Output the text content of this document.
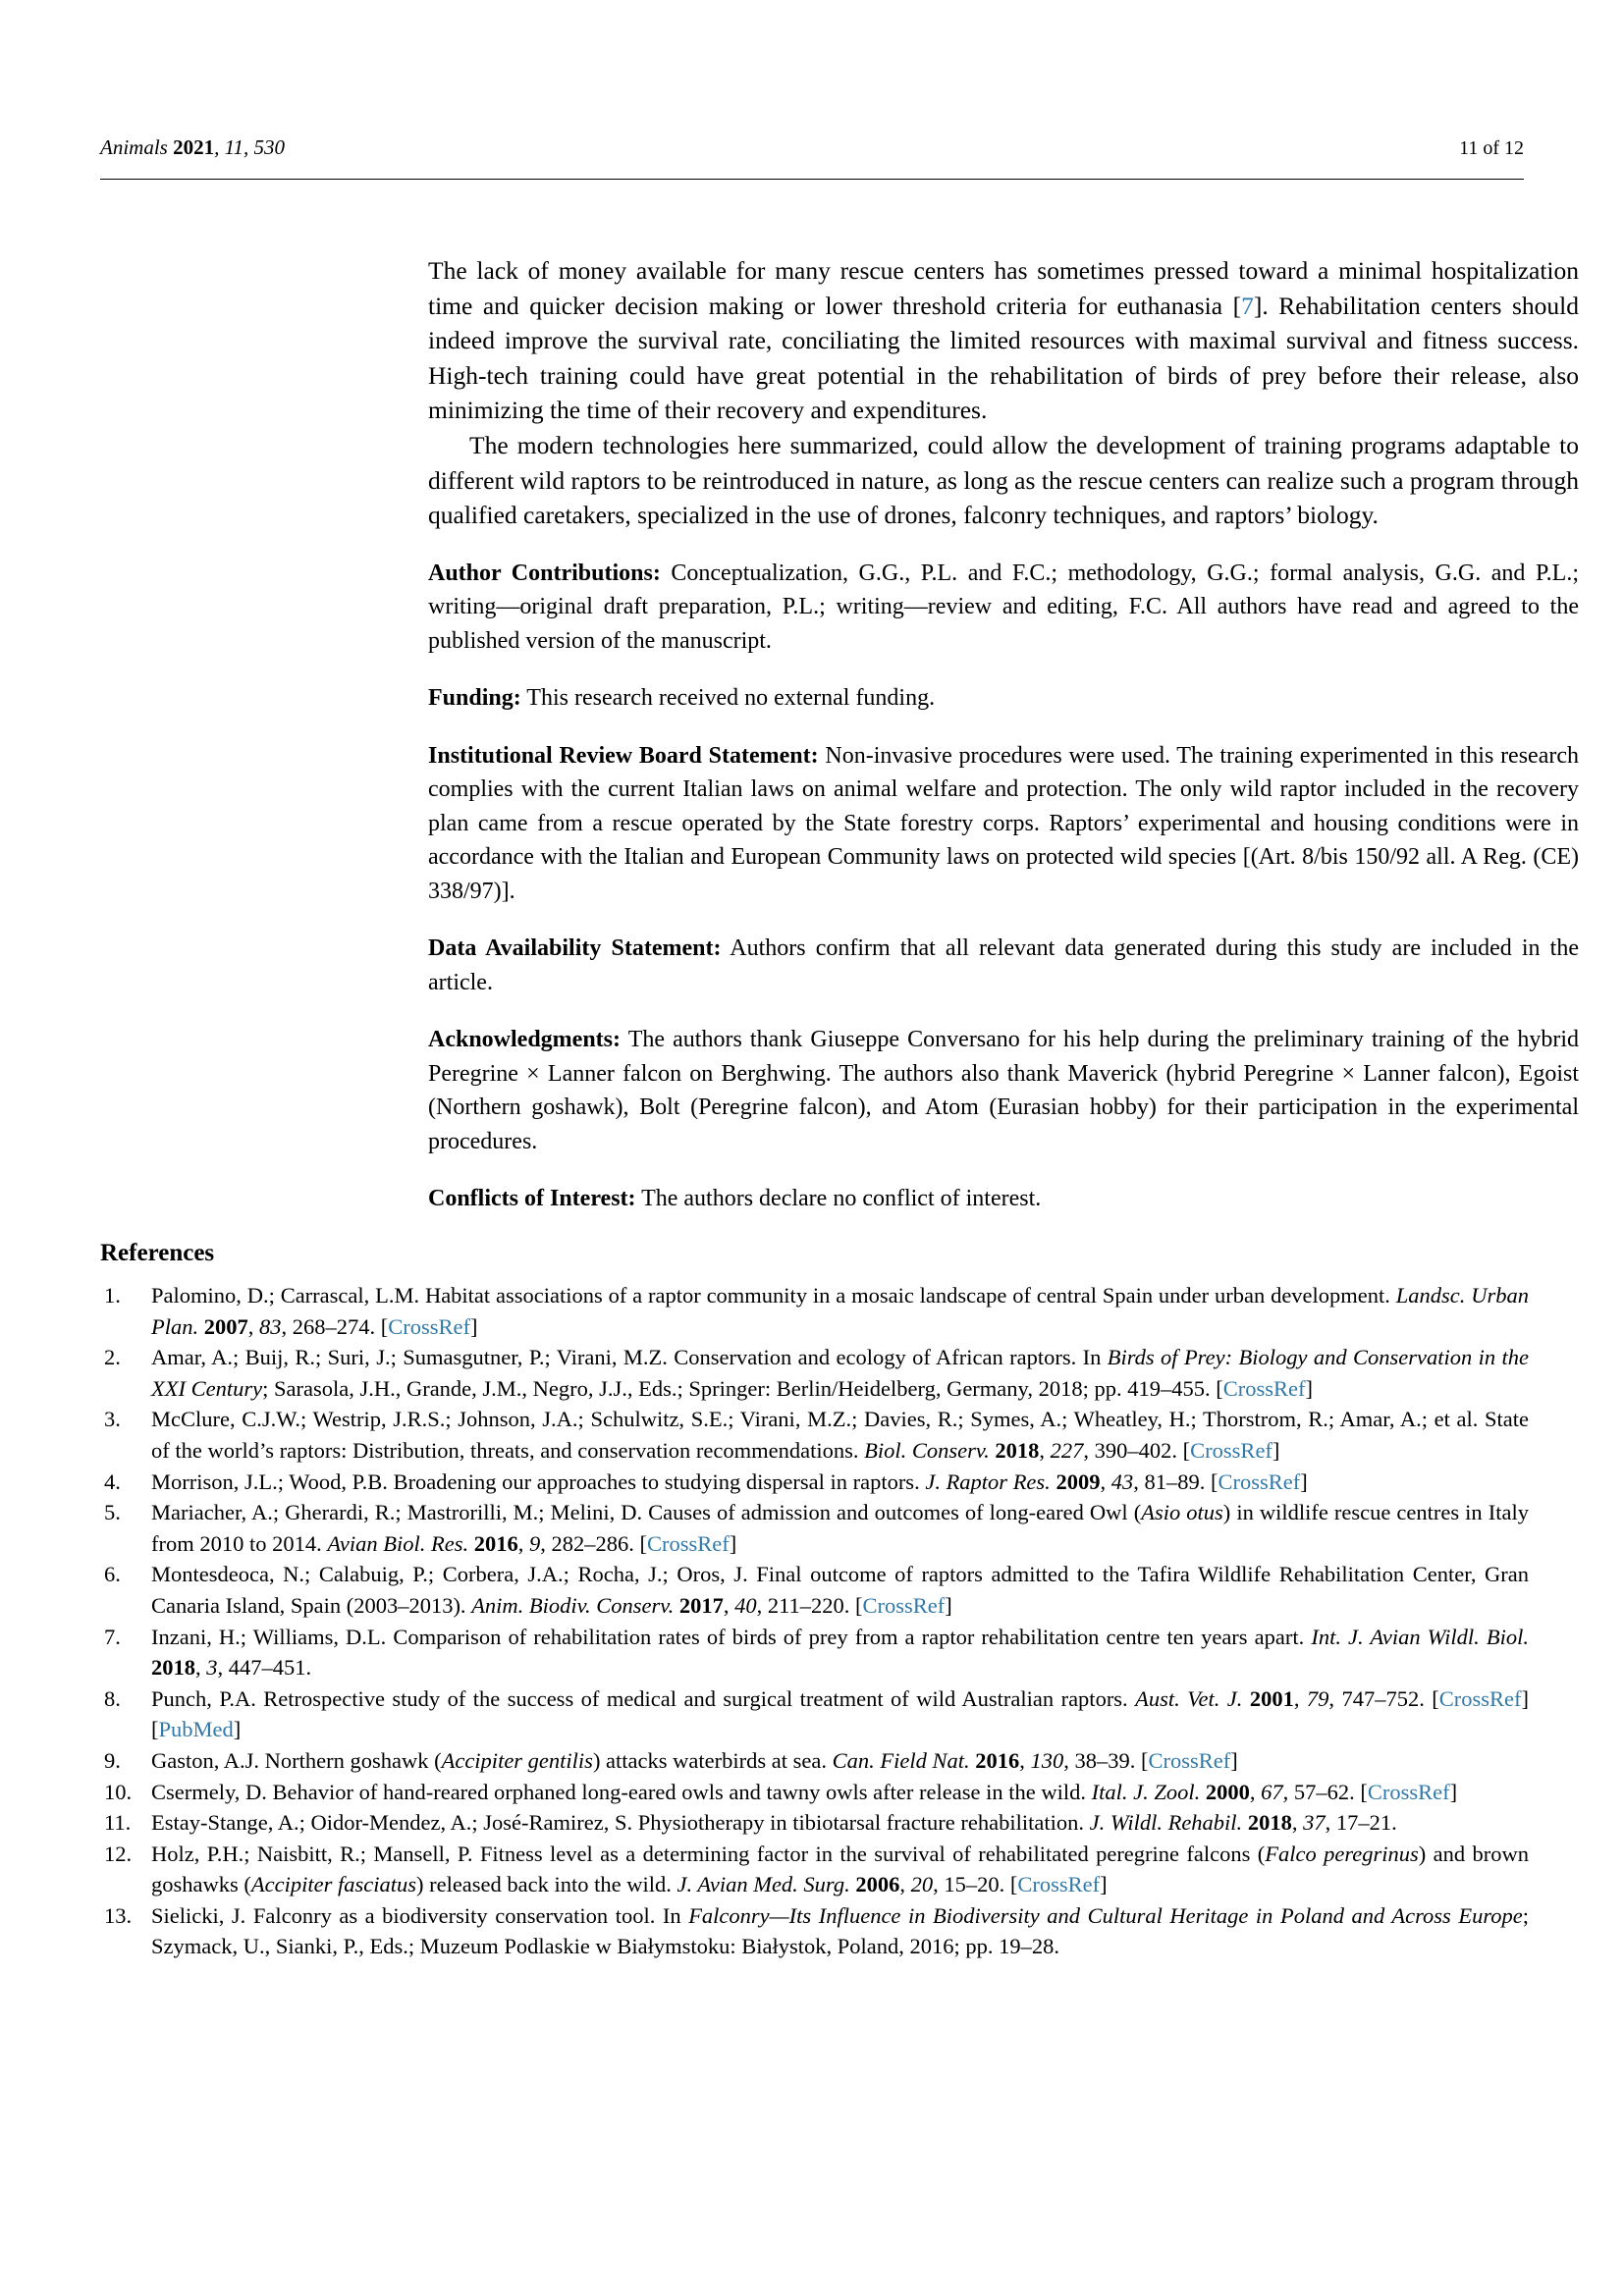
Animals 2021, 11, 530	11 of 12

The lack of money available for many rescue centers has sometimes pressed toward a minimal hospitalization time and quicker decision making or lower threshold criteria for euthanasia [7]. Rehabilitation centers should indeed improve the survival rate, conciliating the limited resources with maximal survival and fitness success. High-tech training could have great potential in the rehabilitation of birds of prey before their release, also minimizing the time of their recovery and expenditures.

The modern technologies here summarized, could allow the development of training programs adaptable to different wild raptors to be reintroduced in nature, as long as the rescue centers can realize such a program through qualified caretakers, specialized in the use of drones, falconry techniques, and raptors’ biology.

Author Contributions: Conceptualization, G.G., P.L. and F.C.; methodology, G.G.; formal analysis, G.G. and P.L.; writing—original draft preparation, P.L.; writing—review and editing, F.C. All authors have read and agreed to the published version of the manuscript.

Funding: This research received no external funding.

Institutional Review Board Statement: Non-invasive procedures were used. The training experimented in this research complies with the current Italian laws on animal welfare and protection. The only wild raptor included in the recovery plan came from a rescue operated by the State forestry corps. Raptors’ experimental and housing conditions were in accordance with the Italian and European Community laws on protected wild species [(Art. 8/bis 150/92 all. A Reg. (CE) 338/97)].

Data Availability Statement: Authors confirm that all relevant data generated during this study are included in the article.

Acknowledgments: The authors thank Giuseppe Conversano for his help during the preliminary training of the hybrid Peregrine × Lanner falcon on Berghwing. The authors also thank Maverick (hybrid Peregrine × Lanner falcon), Egoist (Northern goshawk), Bolt (Peregrine falcon), and Atom (Eurasian hobby) for their participation in the experimental procedures.

Conflicts of Interest: The authors declare no conflict of interest.

References
1.	Palomino, D.; Carrascal, L.M. Habitat associations of a raptor community in a mosaic landscape of central Spain under urban development. Landsc. Urban Plan. 2007, 83, 268–274. [CrossRef]
2.	Amar, A.; Buij, R.; Suri, J.; Sumasgutner, P.; Virani, M.Z. Conservation and ecology of African raptors. In Birds of Prey: Biology and Conservation in the XXI Century; Sarasola, J.H., Grande, J.M., Negro, J.J., Eds.; Springer: Berlin/Heidelberg, Germany, 2018; pp. 419–455. [CrossRef]
3.	McClure, C.J.W.; Westrip, J.R.S.; Johnson, J.A.; Schulwitz, S.E.; Virani, M.Z.; Davies, R.; Symes, A.; Wheatley, H.; Thorstrom, R.; Amar, A.; et al. State of the world’s raptors: Distribution, threats, and conservation recommendations. Biol. Conserv. 2018, 227, 390–402. [CrossRef]
4.	Morrison, J.L.; Wood, P.B. Broadening our approaches to studying dispersal in raptors. J. Raptor Res. 2009, 43, 81–89. [CrossRef]
5.	Mariacher, A.; Gherardi, R.; Mastrorilli, M.; Melini, D. Causes of admission and outcomes of long-eared Owl (Asio otus) in wildlife rescue centres in Italy from 2010 to 2014. Avian Biol. Res. 2016, 9, 282–286. [CrossRef]
6.	Montesdeoca, N.; Calabuig, P.; Corbera, J.A.; Rocha, J.; Oros, J. Final outcome of raptors admitted to the Tafira Wildlife Rehabilitation Center, Gran Canaria Island, Spain (2003–2013). Anim. Biodiv. Conserv. 2017, 40, 211–220. [CrossRef]
7.	Inzani, H.; Williams, D.L. Comparison of rehabilitation rates of birds of prey from a raptor rehabilitation centre ten years apart. Int. J. Avian Wildl. Biol. 2018, 3, 447–451.
8.	Punch, P.A. Retrospective study of the success of medical and surgical treatment of wild Australian raptors. Aust. Vet. J. 2001, 79, 747–752. [CrossRef] [PubMed]
9.	Gaston, A.J. Northern goshawk (Accipiter gentilis) attacks waterbirds at sea. Can. Field Nat. 2016, 130, 38–39. [CrossRef]
10. Csermely, D. Behavior of hand-reared orphaned long-eared owls and tawny owls after release in the wild. Ital. J. Zool. 2000, 67, 57–62. [CrossRef]
11. Estay-Stange, A.; Oidor-Mendez, A.; José-Ramirez, S. Physiotherapy in tibiotarsal fracture rehabilitation. J. Wildl. Rehabil. 2018, 37, 17–21.
12. Holz, P.H.; Naisbitt, R.; Mansell, P. Fitness level as a determining factor in the survival of rehabilitated peregrine falcons (Falco peregrinus) and brown goshawks (Accipiter fasciatus) released back into the wild. J. Avian Med. Surg. 2006, 20, 15–20. [CrossRef]
13. Sielicki, J. Falconry as a biodiversity conservation tool. In Falconry—Its Influence in Biodiversity and Cultural Heritage in Poland and Across Europe; Szymack, U., Sianki, P., Eds.; Muzeum Podlaskie w Białymstoku: Białystok, Poland, 2016; pp. 19–28.
